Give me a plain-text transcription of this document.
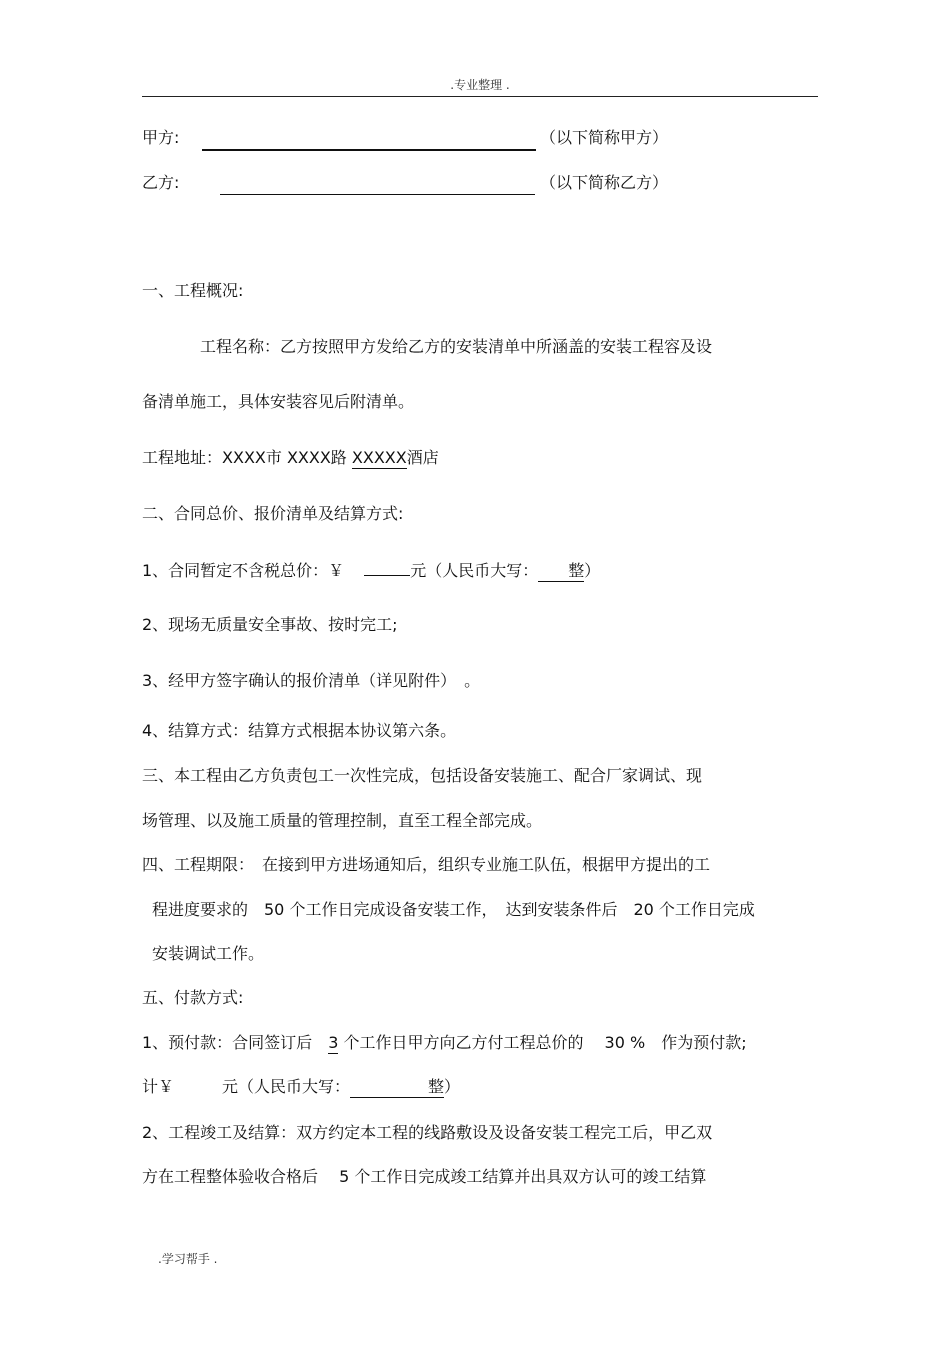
.专业整理 .
甲方:	（以下简称甲方）
乙方:	（以下简称乙方）
一、工程概况:
工程名称：乙方按照甲方发给乙方的安装清单中所涵盖的安装工程容及设
备清单施工，具体安装容见后附清单。
工程地址：XXXX市 XXXX路 XXXXX酒店
二、合同总价、报价清单及结算方式:
1、合同暂定不含税总价：￥	元（人民币大写： 整）
2、现场无质量安全事故、按时完工;
3、经甲方签字确认的报价清单（详见附件）　。
4、结算方式：结算方式根据本协议第六条。
三、本工程由乙方负责包工一次性完成，包括设备安装施工、配合厂家调试、现
场管理、以及施工质量的管理控制，直至工程全部完成。
四、工程期限：　在接到甲方进场通知后，组织专业施工队伍，根据甲方提出的工
程进度要求的　50 个工作日完成设备安装工作，　达到安装条件后　20 个工作日完成
安装调试工作。
五、付款方式:
1、预付款：合同签订后　3 个工作日甲方向乙方付工程总价的　 30 %　作为预付款;
计￥　　　元（人民币大写：	整）
2、工程竣工及结算：双方约定本工程的线路敷设及设备安装工程完工后，甲乙双
方在工程整体验收合格后　 5 个工作日完成竣工结算并出具双方认可的竣工结算
.学习帮手 .
